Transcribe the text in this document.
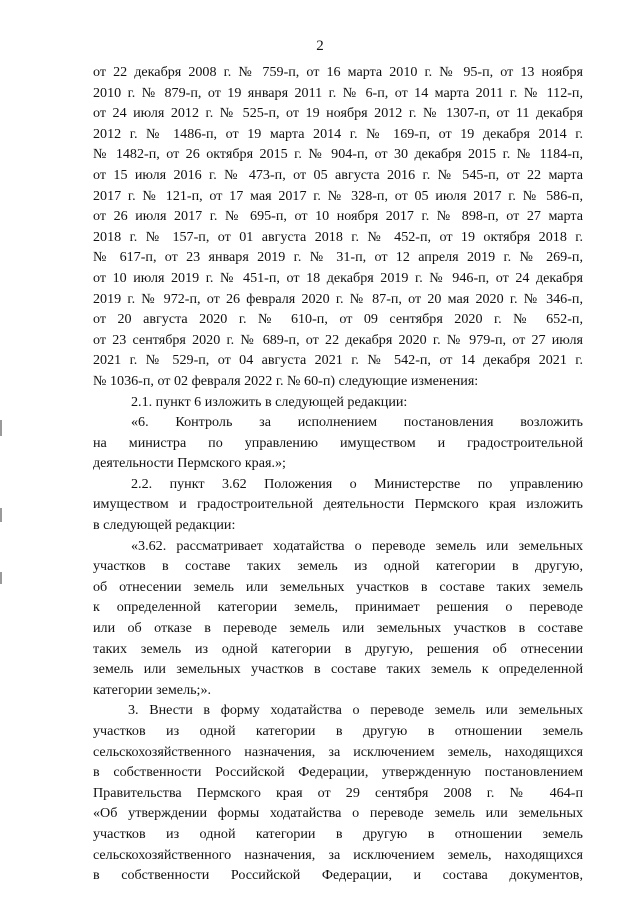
2
от 22 декабря 2008 г. № 759-п, от 16 марта 2010 г. № 95-п, от 13 ноября
2010 г. № 879-п, от 19 января 2011 г. № 6-п, от 14 марта 2011 г. № 112-п,
от 24 июля 2012 г. № 525-п, от 19 ноября 2012 г. № 1307-п, от 11 декабря
2012 г. № 1486-п, от 19 марта 2014 г. № 169-п, от 19 декабря 2014 г.
№ 1482-п, от 26 октября 2015 г. № 904-п, от 30 декабря 2015 г. № 1184-п,
от 15 июля 2016 г. № 473-п, от 05 августа 2016 г. № 545-п, от 22 марта
2017 г. № 121-п, от 17 мая 2017 г. № 328-п, от 05 июля 2017 г. № 586-п,
от 26 июля 2017 г. № 695-п, от 10 ноября 2017 г. № 898-п, от 27 марта
2018 г. № 157-п, от 01 августа 2018 г. № 452-п, от 19 октября 2018 г.
№ 617-п, от 23 января 2019 г. № 31-п, от 12 апреля 2019 г. № 269-п,
от 10 июля 2019 г. № 451-п, от 18 декабря 2019 г. № 946-п, от 24 декабря
2019 г. № 972-п, от 26 февраля 2020 г. № 87-п, от 20 мая 2020 г. № 346-п,
от 20 августа 2020 г. № 610-п, от 09 сентября 2020 г. № 652-п,
от 23 сентября 2020 г. № 689-п, от 22 декабря 2020 г. № 979-п, от 27 июля
2021 г. № 529-п, от 04 августа 2021 г. № 542-п, от 14 декабря 2021 г.
№ 1036-п, от 02 февраля 2022 г. № 60-п) следующие изменения:
2.1. пункт 6 изложить в следующей редакции:
«6. Контроль за исполнением постановления возложить
на министра по управлению имуществом и градостроительной
деятельности Пермского края.»;
2.2. пункт 3.62 Положения о Министерстве по управлению
имуществом и градостроительной деятельности Пермского края изложить
в следующей редакции:
«3.62. рассматривает ходатайства о переводе земель или земельных
участков в составе таких земель из одной категории в другую,
об отнесении земель или земельных участков в составе таких земель
к определенной категории земель, принимает решения о переводе
или об отказе в переводе земель или земельных участков в составе
таких земель из одной категории в другую, решения об отнесении
земель или земельных участков в составе таких земель к определенной
категории земель;».
3. Внести в форму ходатайства о переводе земель или земельных
участков из одной категории в другую в отношении земель
сельскохозяйственного назначения, за исключением земель, находящихся
в собственности Российской Федерации, утвержденную постановлением
Правительства Пермского края от 29 сентября 2008 г. № 464-п
«Об утверждении формы ходатайства о переводе земель или земельных
участков из одной категории в другую в отношении земель
сельскохозяйственного назначения, за исключением земель, находящихся
в собственности Российской Федерации, и состава документов,
